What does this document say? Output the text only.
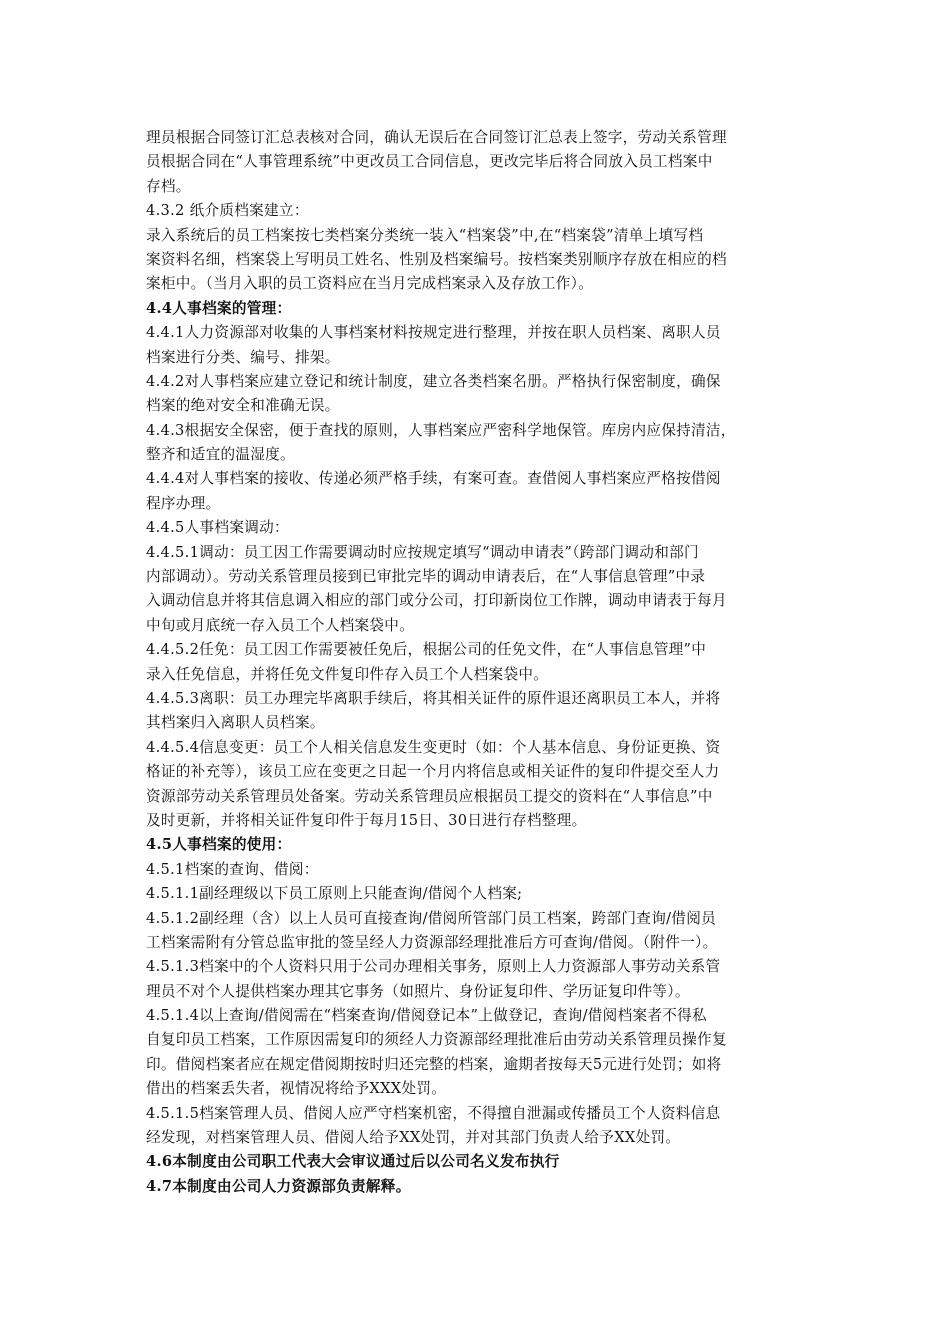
理员根据合同签订汇总表核对合同，确认无误后在合同签订汇总表上签字，劳动关系管理
员根据合同在“人事管理系统”中更改员工合同信息，更改完毕后将合同放入员工档案中
存档。
4.3.2 纸介质档案建立：
录入系统后的员工档案按七类档案分类统一装入“档案袋”中,在“档案袋”清单上填写档
案资料名细，档案袋上写明员工姓名、性别及档案编号。按档案类别顺序存放在相应的档
案柜中。（当月入职的员工资料应在当月完成档案录入及存放工作）。
4.4人事档案的管理：
4.4.1人力资源部对收集的人事档案材料按规定进行整理，并按在职人员档案、离职人员
档案进行分类、编号、排架。
4.4.2对人事档案应建立登记和统计制度，建立各类档案名册。严格执行保密制度，确保
档案的绝对安全和准确无误。
4.4.3根据安全保密，便于查找的原则，人事档案应严密科学地保管。库房内应保持清洁，
整齐和适宜的温湿度。
4.4.4对人事档案的接收、传递必须严格手续，有案可查。查借阅人事档案应严格按借阅
程序办理。
4.4.5人事档案调动：
4.4.5.1调动：员工因工作需要调动时应按规定填写“调动申请表”（跨部门调动和部门
内部调动）。劳动关系管理员接到已审批完毕的调动申请表后，在“人事信息管理”中录
入调动信息并将其信息调入相应的部门或分公司，打印新岗位工作牌，调动申请表于每月
中旬或月底统一存入员工个人档案袋中。
4.4.5.2任免：员工因工作需要被任免后，根据公司的任免文件，在“人事信息管理”中
录入任免信息，并将任免文件复印件存入员工个人档案袋中。
4.4.5.3离职：员工办理完毕离职手续后，将其相关证件的原件退还离职员工本人，并将
其档案归入离职人员档案。
4.4.5.4信息变更：员工个人相关信息发生变更时（如：个人基本信息、身份证更换、资
格证的补充等），该员工应在变更之日起一个月内将信息或相关证件的复印件提交至人力
资源部劳动关系管理员处备案。劳动关系管理员应根据员工提交的资料在“人事信息”中
及时更新，并将相关证件复印件于每月15日、30日进行存档整理。
4.5人事档案的使用：
4.5.1档案的查询、借阅：
4.5.1.1副经理级以下员工原则上只能查询/借阅个人档案;
4.5.1.2副经理（含）以上人员可直接查询/借阅所管部门员工档案，跨部门查询/借阅员
工档案需附有分管总监审批的签呈经人力资源部经理批准后方可查询/借阅。（附件一）。
4.5.1.3档案中的个人资料只用于公司办理相关事务，原则上人力资源部人事劳动关系管
理员不对个人提供档案办理其它事务（如照片、身份证复印件、学历证复印件等）。
4.5.1.4以上查询/借阅需在“档案查询/借阅登记本”上做登记，查询/借阅档案者不得私
自复印员工档案，工作原因需复印的须经人力资源部经理批准后由劳动关系管理员操作复
印。借阅档案者应在规定借阅期按时归还完整的档案，逾期者按每天5元进行处罚；如将
借出的档案丢失者，视情况将给予XXX处罚。
4.5.1.5档案管理人员、借阅人应严守档案机密，不得擅自泄漏或传播员工个人资料信息
经发现，对档案管理人员、借阅人给予XX处罚，并对其部门负责人给予XX处罚。
4.6本制度由公司职工代表大会审议通过后以公司名义发布执行
4.7本制度由公司人力资源部负责解释。
